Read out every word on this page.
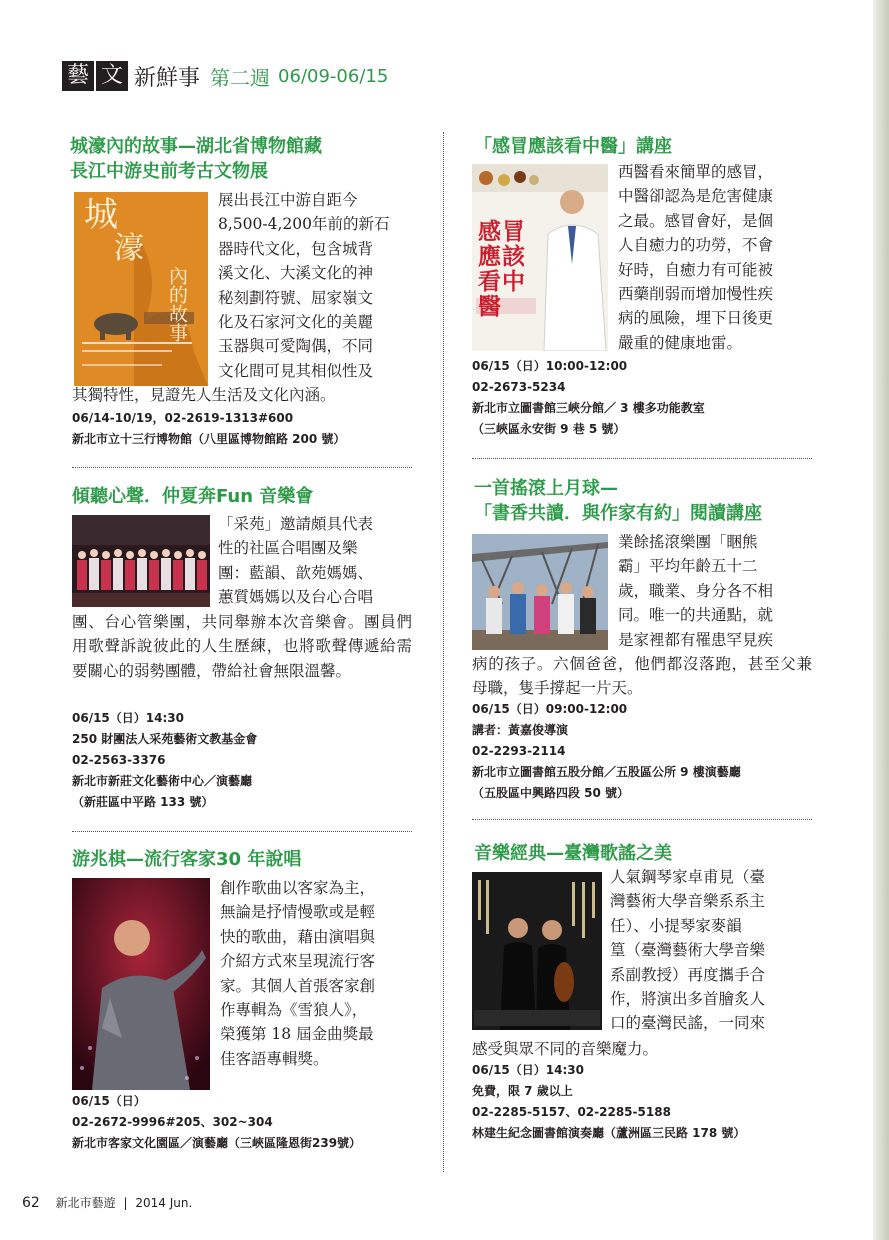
藝 文 新鮮事 第二週 06/09-06/15
城濠內的故事—湖北省博物館藏
長江中游史前考古文物展
城
濠
內的故事

展出長江中游自距今

8,500-4,200年前的新石

器時代文化，包含城背

溪文化、大溪文化的神

秘刻劃符號、屈家嶺文

化及石家河文化的美麗

玉器與可愛陶偶，不同

文化間可見其相似性及

其獨特性，見證先人生活及文化內涵。

06/14-10/19，02-2619-1313#600
新北市立十三行博物館（八里區博物館路 200 號）
傾聽心聲．仲夏奔Fun 音樂會

「采苑」邀請頗具代表

性的社區合唱團及樂

團：藍韻、歆苑媽媽、

蕙質媽媽以及台心合唱

團、台心管樂團，共同舉辦本次音樂會。團員們用歌聲訴說彼此的人生歷練，也將歌聲傳遞給需要關心的弱勢團體，帶給社會無限溫馨。

06/15（日）14:30
250 財團法人采苑藝術文教基金會
02-2563-3376
新北市新莊文化藝術中心／演藝廳
（新莊區中平路 133 號）
游兆棋—流行客家30 年說唱

創作歌曲以客家為主，

無論是抒情慢歌或是輕

快的歌曲，藉由演唱與

介紹方式來呈現流行客

家。其個人首張客家創

作專輯為《雪狼人》，

榮獲第 18 屆金曲獎最

佳客語專輯獎。

06/15（日）
02-2672-9996#205、302~304
新北市客家文化園區／演藝廳（三峽區隆恩街239號）
「感冒應該看中醫」講座
感冒應該看中醫

西醫看來簡單的感冒，

中醫卻認為是危害健康

之最。感冒會好，是個

人自癒力的功勞，不會

好時，自癒力有可能被

西藥削弱而增加慢性疾

病的風險，埋下日後更

嚴重的健康地雷。

06/15（日）10:00-12:00
02-2673-5234
新北市立圖書館三峽分館／ 3 樓多功能教室
（三峽區永安街 9 巷 5 號）
一首搖滾上月球—
「書香共讀．與作家有約」閱讀講座

業餘搖滾樂團「睏熊

霸」平均年齡五十二

歲，職業、身分各不相

同。唯一的共通點，就

是家裡都有罹患罕見疾

病的孩子。六個爸爸，他們都沒落跑，甚至父兼母職，隻手撐起一片天。

06/15（日）09:00-12:00
講者：黃嘉俊導演
02-2293-2114
新北市立圖書館五股分館／五股區公所 9 樓演藝廳
（五股區中興路四段 50 號）
音樂經典—臺灣歌謠之美

人氣鋼琴家卓甫見（臺

灣藝術大學音樂系系主

任）、小提琴家麥韻

篁（臺灣藝術大學音樂

系副教授）再度攜手合

作，將演出多首膾炙人

口的臺灣民謠，一同來

感受與眾不同的音樂魔力。

06/15（日）14:30
免費，限 7 歲以上
02-2285-5157、02-2285-5188
林建生紀念圖書館演奏廳（蘆洲區三民路 178 號）
62 新北市藝遊 | 2014 Jun.
